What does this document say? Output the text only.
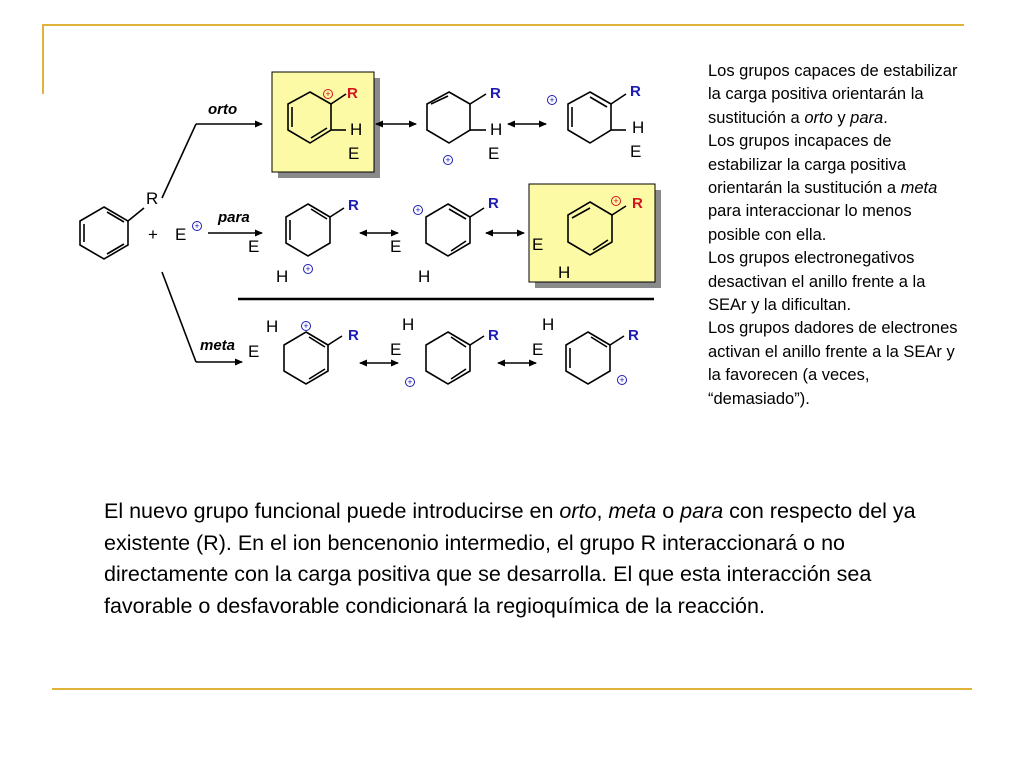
R
+ E +
orto
para
meta
R
+
H
E
R
H
E
+
+	R
H
E
R
E
H +
+	R
E
H
+ R
E
H
H
E
+
R
H
E
R
+
H
E
R
+

Los grupos capaces de estabilizar la carga positiva orientarán la sustitución a orto y para.

Los grupos incapaces de estabilizar la carga positiva orientarán la sustitución a meta para interaccionar lo menos posible con ella.

Los grupos electronegativos desactivan el anillo frente a la SEAr y la dificultan.

Los grupos dadores de electrones activan el anillo frente a la SEAr y la favorecen (a veces, “demasiado”).

El nuevo grupo funcional puede introducirse en orto, meta o para con respecto del ya existente (R). En el ion bencenonio intermedio, el grupo R interaccionará o no directamente con la carga positiva que se desarrolla. El que esta interacción sea favorable o desfavorable condicionará la regioquímica de la reacción.
